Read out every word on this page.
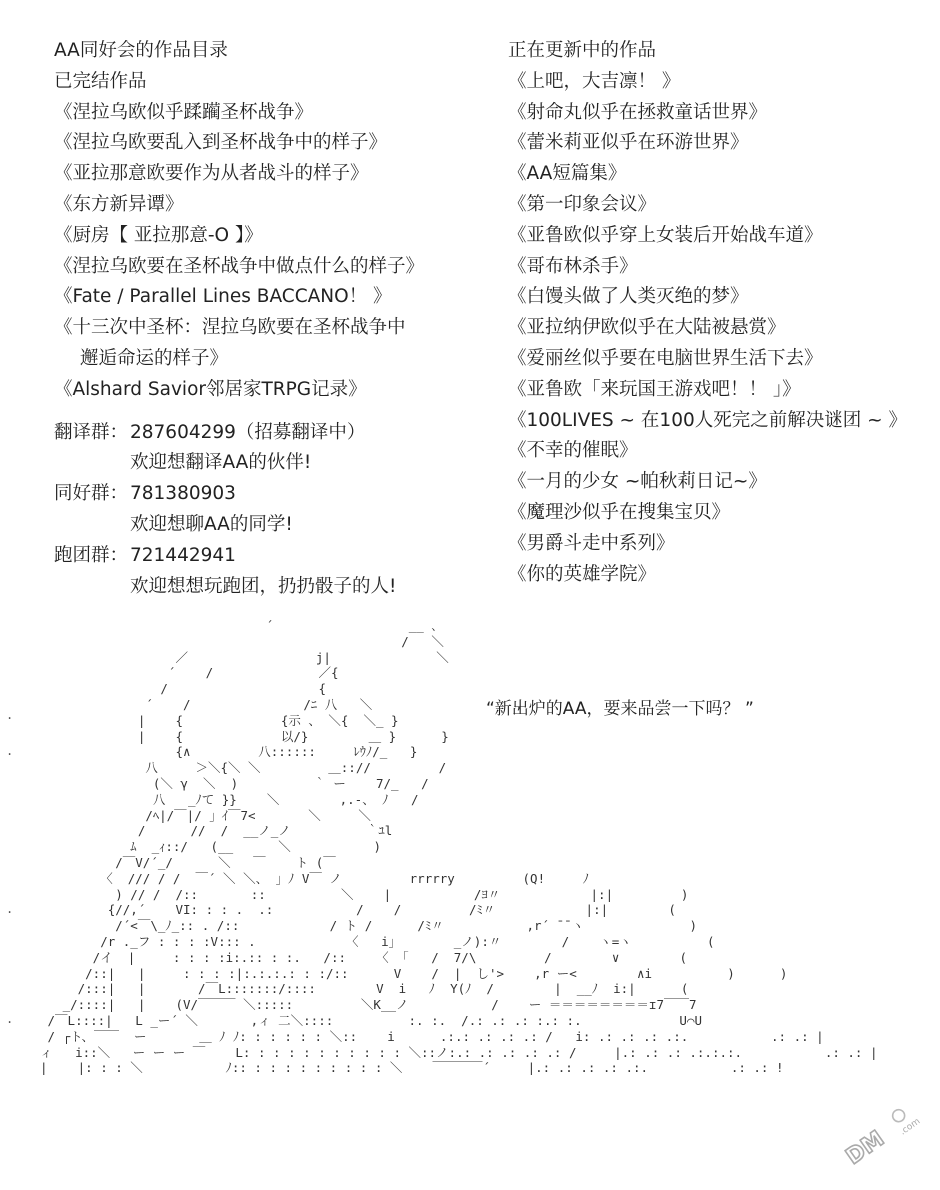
AA同好会的作品目录
已完结作品
《涅拉乌欧似乎蹂躏圣杯战争》
《涅拉乌欧要乱入到圣杯战争中的样子》
《亚拉那意欧要作为从者战斗的样子》
《东方新异谭》
《厨房【 亚拉那意-O 】》
《涅拉乌欧要在圣杯战争中做点什么的样子》
《Fate / Parallel Lines BACCANO！ 》
《十三次中圣杯：涅拉乌欧要在圣杯战争中
邂逅命运的样子》
《Alshard Savior邻居家TRPG记录》
翻译群： 287604299（招募翻译中）
欢迎想翻译AA的伙伴!
同好群： 781380903
欢迎想聊AA的同学!
跑团群： 721442941
欢迎想想玩跑团，扔扔骰子的人!
正在更新中的作品
《上吧，大吉凛！ 》
《射命丸似乎在拯救童话世界》
《蕾米莉亚似乎在环游世界》
《AA短篇集》
《第一印象会议》
《亚鲁欧似乎穿上女装后开始战车道》
《哥布林杀手》
《白馒头做了人类灭绝的梦》
《亚拉纳伊欧似乎在大陆被悬赏》
《爱丽丝似乎要在电脑世界生活下去》
《亚鲁欧「来玩国王游戏吧！！ 」》
《100LIVES ~ 在100人死完之前解决谜团 ~ 》
《不幸的催眠》
《一月的少女 ~帕秋莉日记~》
《魔理沙似乎在搜集宝贝》
《男爵斗走中系列》
《你的英雄学院》
“新出炉的AA，要来品尝一下吗？ ”
´                  __ ､
/   ＼
／                 j|              ＼
´    /              ／{
/                    {
´    /               /ﾆ 八   ＼                   ,
|    {             {示 、 ＼{  ＼_ }
|    {             以/}        ＿ }      }
{∧         八::::::     ﾚｳﾉ/_   }
八     ＞＼{＼ ＼         ＿:://         /
(＼ γ  ＼  )          ｀ ー    7/_   /
八   _ﾉて }}    ＼        ,.-、 ﾉ   /
/ﾍ|/￣|/ 」ｲ￣7<       ＼     ＼
/      //  /  __ノ_ノ          ｀ﾕl
ﾑ  _ｨ::/   (__      ＼           )
/￣V/´_/      ＼   ￣    ト (￣
〈  /// / /  ￣´ ＼ ＼、 」ﾉ V￣ ノ         rrrrry         (Q!     ﾉ
) // /  /::       ::          ＼    |           /ﾖ〃            |:|         )
{//,´    VI: : : .  .:           /    /         /ﾐ〃            |:|        (
/´<￣\_ﾉ_:: . /::            / ト /      /ﾐ〃           ,r´ ¯¯ヽ              )
/r ._フ : : : :V::: .            〈   i」       _ノ):〃        /    ヽ=ヽ          (
/イ  |     : : : :i:.:: : :.   /::    〈 「   /  7/\         /        ∨        (
/::|   |     : : : :|:.:.:.: : :/::      V    /  |  し'>    ,r ー<        ∧i          )      )
/:::|   |       /￣L:::::::/::::        V  i   ﾉ  Y(ﾉ  /        |  __ﾉ  i:|      (
_/::::|   |    (V/￣￣￣ ＼:::::         ＼K__ノ           /    ー ＝＝＝＝＝＝＝＝ɪ7￣￣7
/￣L::::|   L _ー´ ＼       ,ィ 二＼::::          :. :.  /.: .: .: :.: :.             U⌒U
/ ┌ト、￣￣  ー       ＿ ﾉ ﾉ: : : : : : ＼::    i      .:.: .: .: .: /   i: .: .: .: .:.           .: .: |
ィ   i::＼   ー ー ー ￣    L: : : : : : : : : : : ＼::ノ:.: .: .: .: .: /     |.: .: .: .:.:.:.           .: .: |
|    |: : : ＼           ﾉ:: : : : : : : : : : ＼    ￣￣￣￣´     |.: .: .: .: .:.           .: .: !
.
.
.
.
DM .com
